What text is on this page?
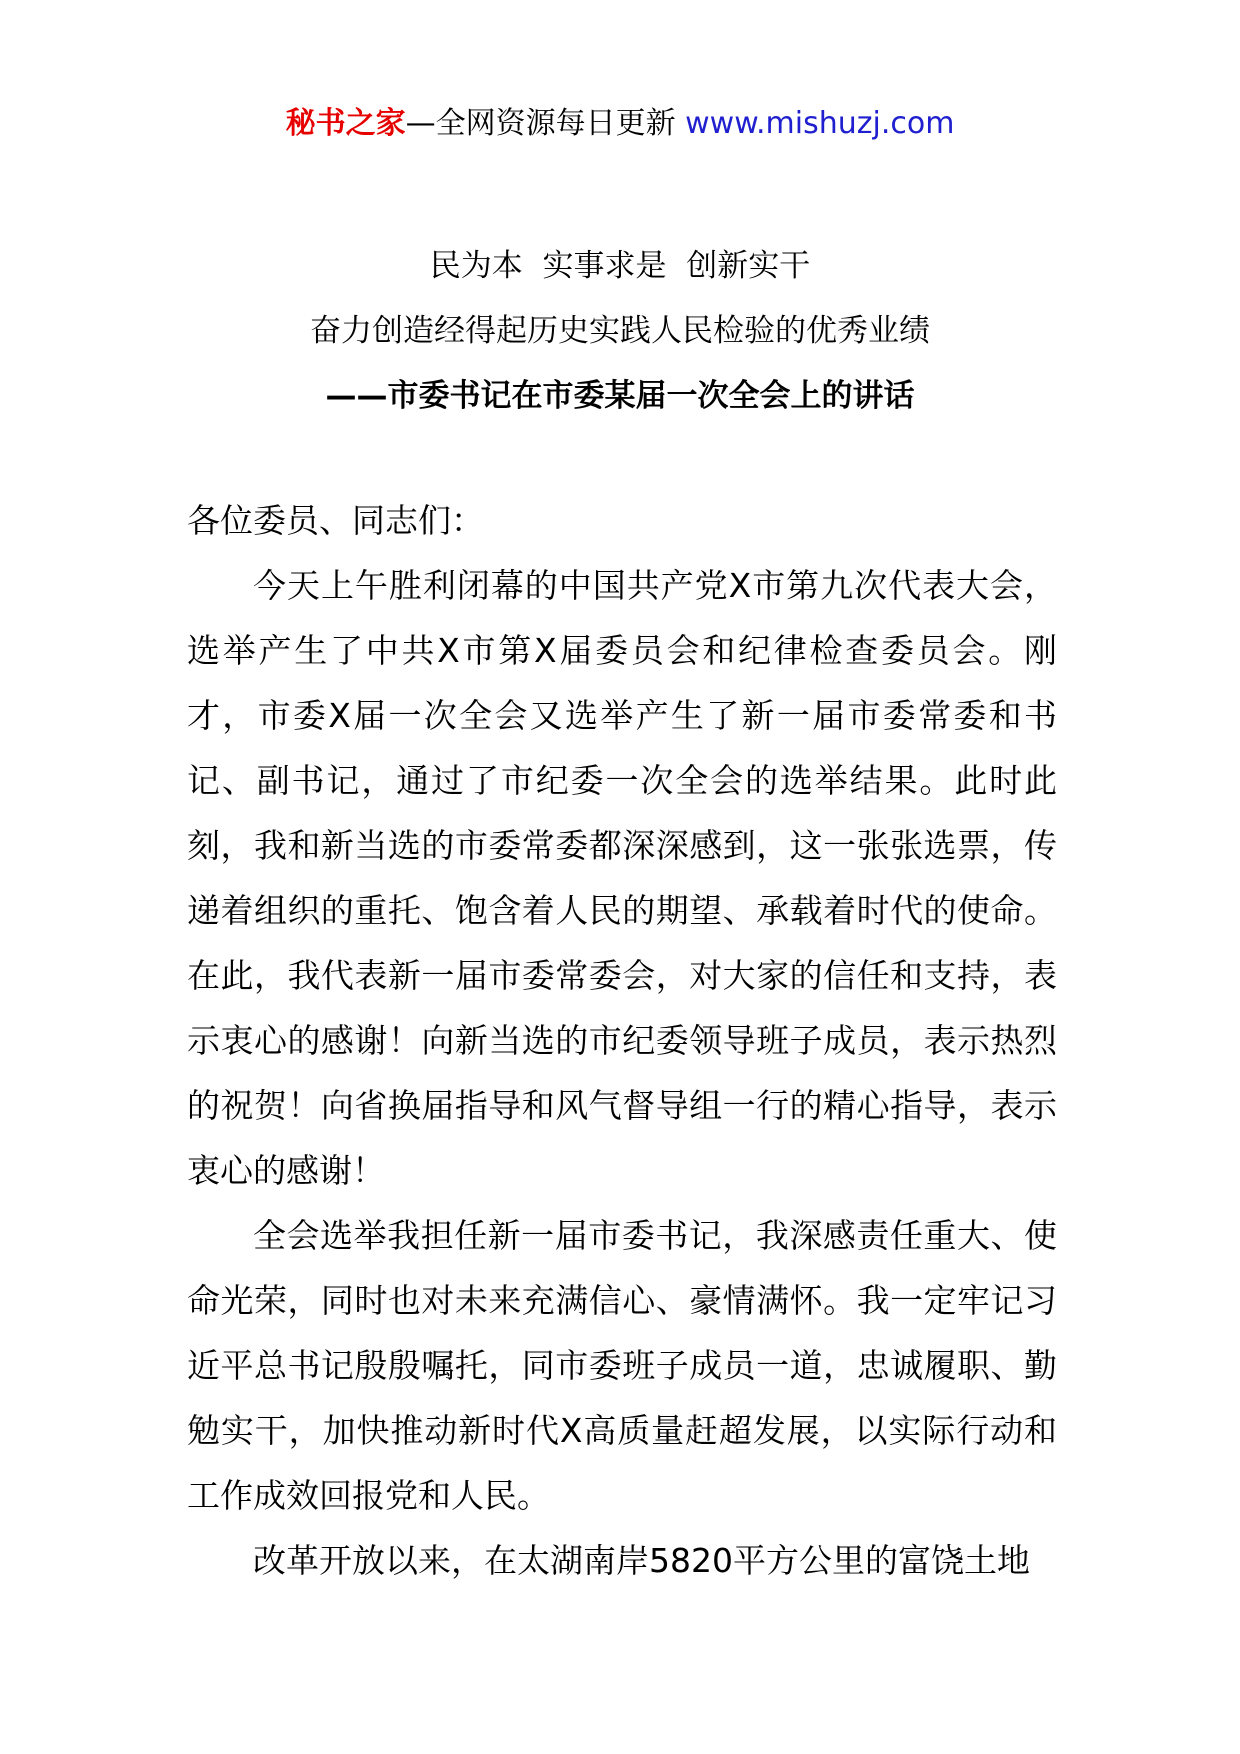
秘书之家—全网资源每日更新 www.mishuzj.com
民为本  实事求是  创新实干
奋力创造经得起历史实践人民检验的优秀业绩
——市委书记在市委某届一次全会上的讲话

各位委员、同志们：

今天上午胜利闭幕的中国共产党X市第九次代表大会，选举产生了中共X市第X届委员会和纪律检查委员会。刚才，市委X届一次全会又选举产生了新一届市委常委和书记、副书记，通过了市纪委一次全会的选举结果。此时此刻，我和新当选的市委常委都深深感到，这一张张选票，传递着组织的重托、饱含着人民的期望、承载着时代的使命。在此，我代表新一届市委常委会，对大家的信任和支持，表示衷心的感谢！向新当选的市纪委领导班子成员，表示热烈的祝贺！向省换届指导和风气督导组一行的精心指导，表示衷心的感谢！

全会选举我担任新一届市委书记，我深感责任重大、使命光荣，同时也对未来充满信心、豪情满怀。我一定牢记习近平总书记殷殷嘱托，同市委班子成员一道，忠诚履职、勤勉实干，加快推动新时代X高质量赶超发展，以实际行动和工作成效回报党和人民。

改革开放以来，在太湖南岸5820平方公里的富饶土地
